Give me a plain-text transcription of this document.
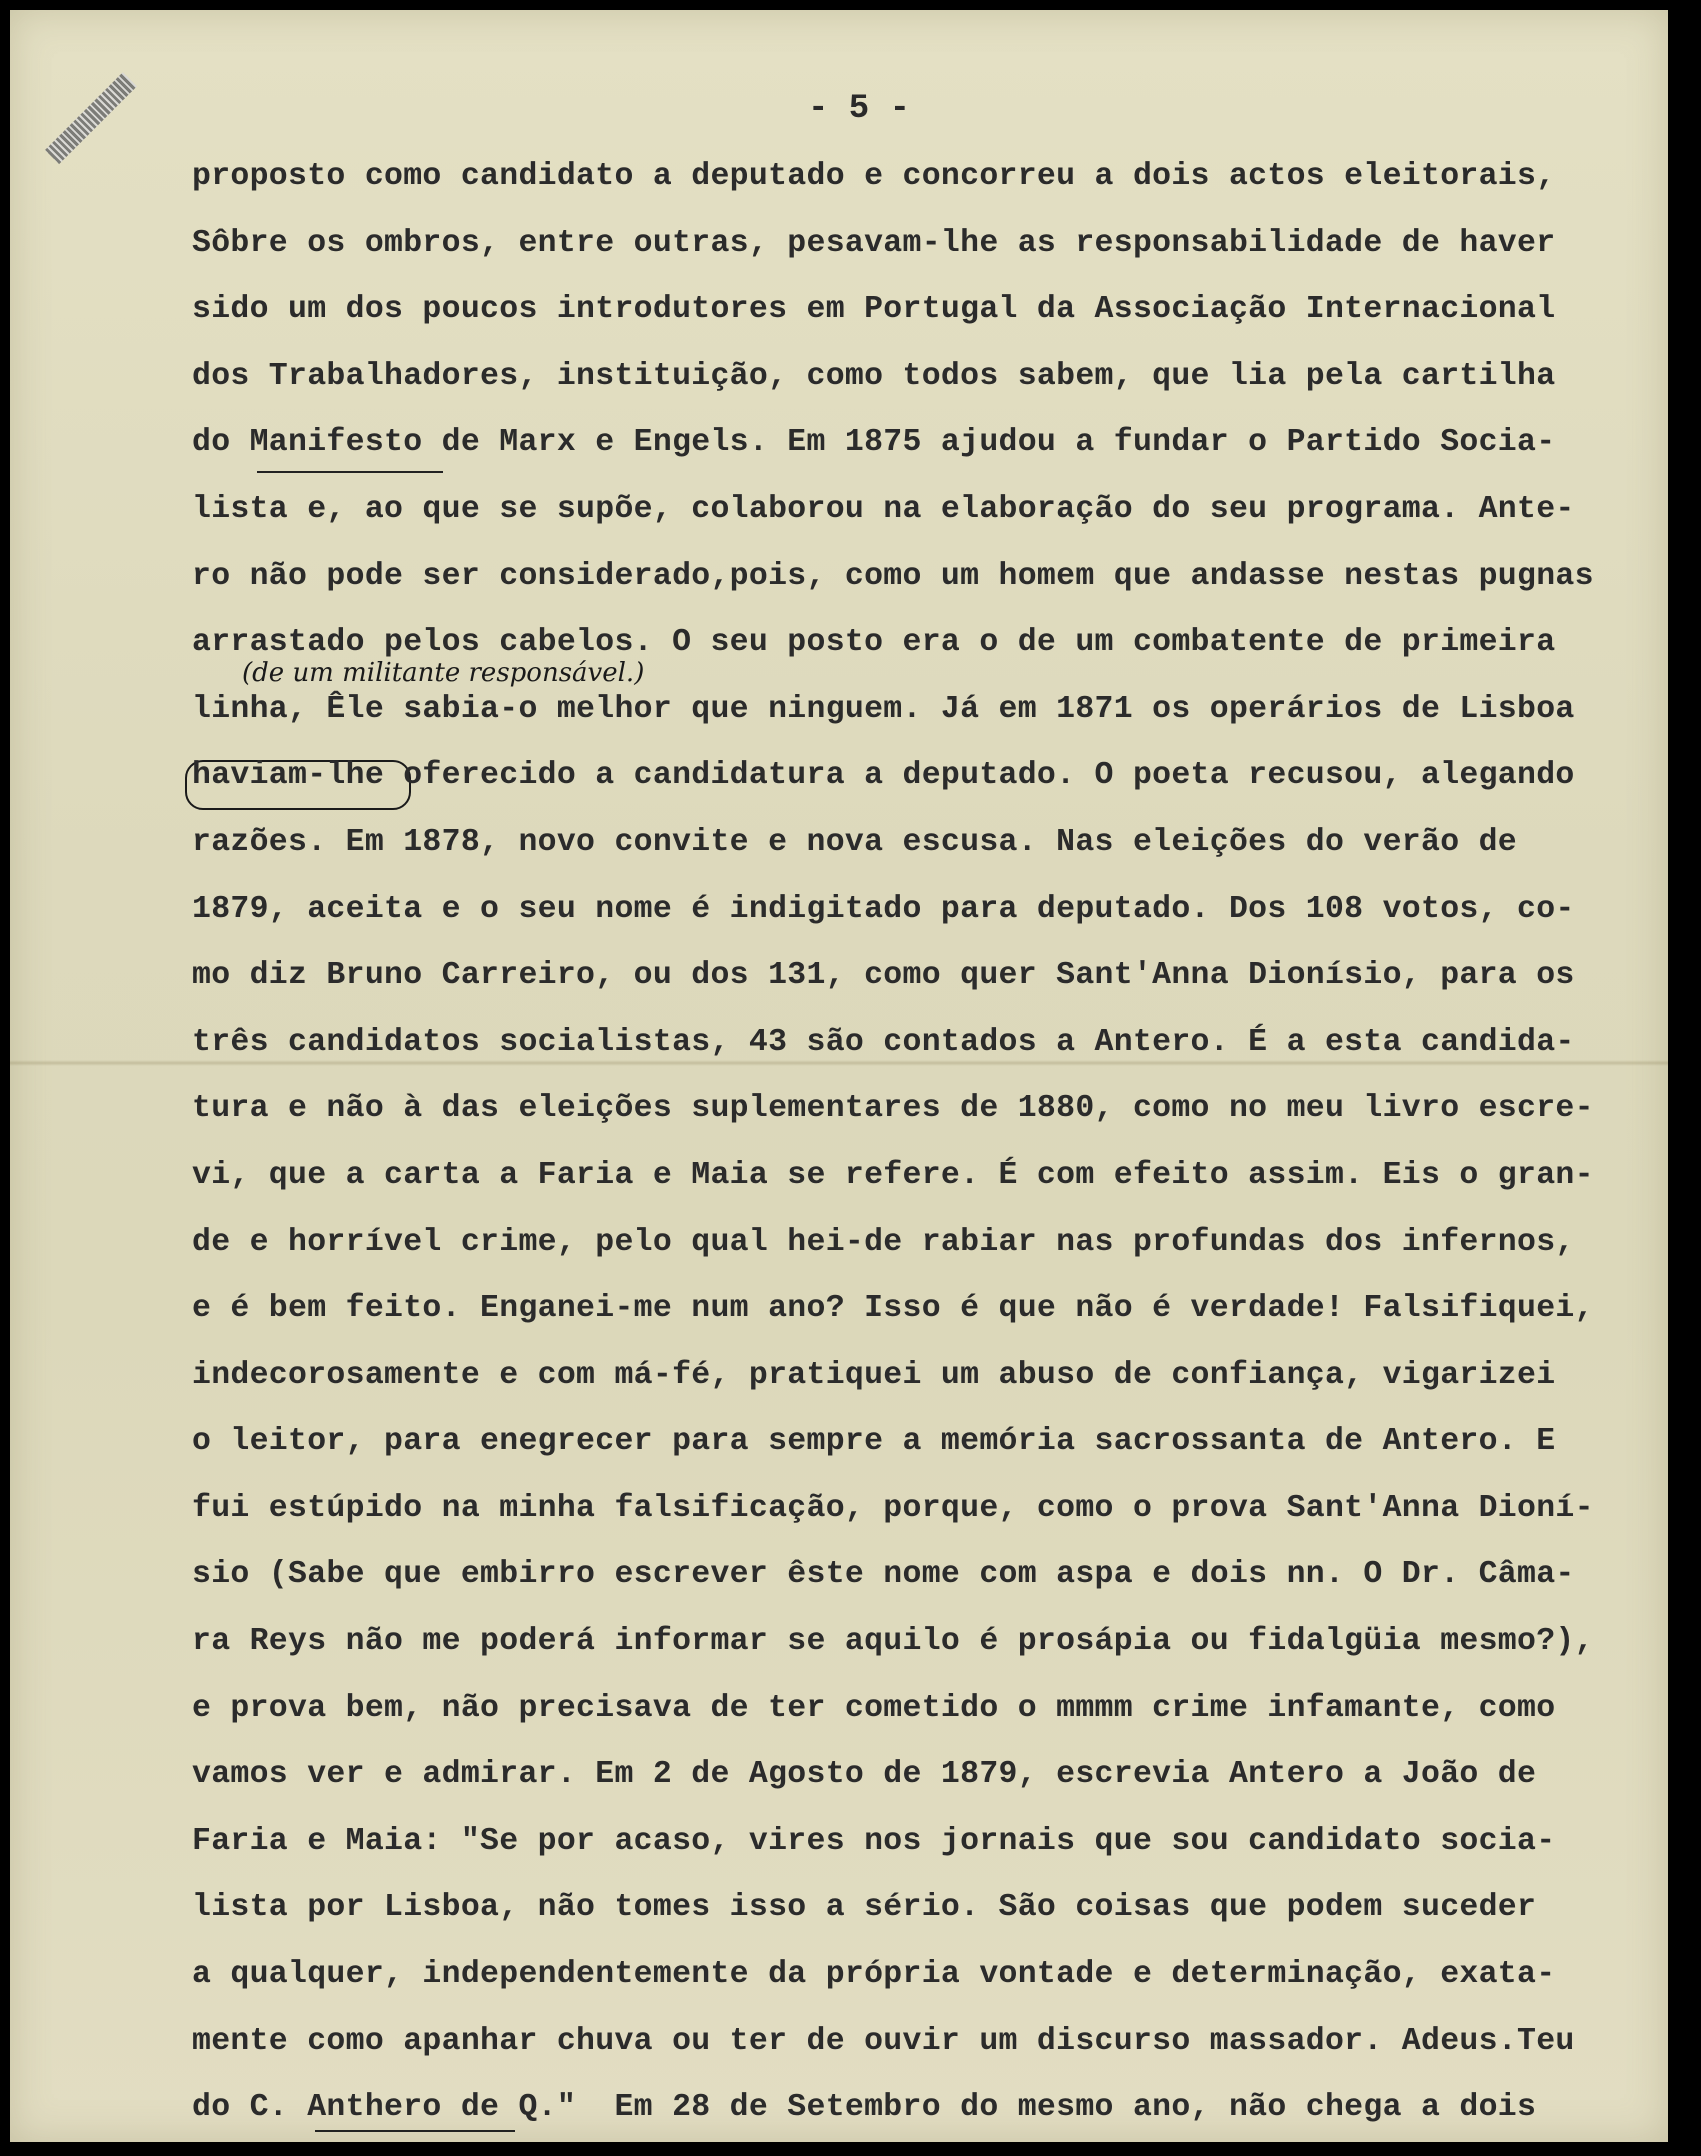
- 5 -
(de um militante responsável.)
proposto como candidato a deputado e concorreu a dois actos eleitorais,
Sôbre os ombros, entre outras, pesavam-lhe as responsabilidade de haver
sido um dos poucos introdutores em Portugal da Associação Internacional
dos Trabalhadores, instituição, como todos sabem, que lia pela cartilha
do Manifesto de Marx e Engels. Em 1875 ajudou a fundar o Partido Socia-
lista e, ao que se supõe, colaborou na elaboração do seu programa. Ante-
ro não pode ser considerado,pois, como um homem que andasse nestas pugnas
arrastado pelos cabelos. O seu posto era o de um combatente de primeira
linha, Êle sabia-o melhor que ninguem. Já em 1871 os operários de Lisboa
haviam-lhe oferecido a candidatura a deputado. O poeta recusou, alegando
razões. Em 1878, novo convite e nova escusa. Nas eleições do verão de
1879, aceita e o seu nome é indigitado para deputado. Dos 108 votos, co-
mo diz Bruno Carreiro, ou dos 131, como quer Sant'Anna Dionísio, para os
três candidatos socialistas, 43 são contados a Antero. É a esta candida-
tura e não à das eleições suplementares de 1880, como no meu livro escre-
vi, que a carta a Faria e Maia se refere. É com efeito assim. Eis o gran-
de e horrível crime, pelo qual hei-de rabiar nas profundas dos infernos,
e é bem feito. Enganei-me num ano? Isso é que não é verdade! Falsifiquei,
indecorosamente e com má-fé, pratiquei um abuso de confiança, vigarizei
o leitor, para enegrecer para sempre a memória sacrossanta de Antero. E
fui estúpido na minha falsificação, porque, como o prova Sant'Anna Dioní-
sio (Sabe que embirro escrever êste nome com aspa e dois nn. O Dr. Câma-
ra Reys não me poderá informar se aquilo é prosápia ou fidalgüia mesmo?),
e prova bem, não precisava de ter cometido o mmmm crime infamante, como
vamos ver e admirar. Em 2 de Agosto de 1879, escrevia Antero a João de
Faria e Maia: "Se por acaso, vires nos jornais que sou candidato socia-
lista por Lisboa, não tomes isso a sério. São coisas que podem suceder
a qualquer, independentemente da própria vontade e determinação, exata-
mente como apanhar chuva ou ter de ouvir um discurso massador. Adeus.Teu
do C. Anthero de Q."  Em 28 de Setembro do mesmo ano, não chega a dois
